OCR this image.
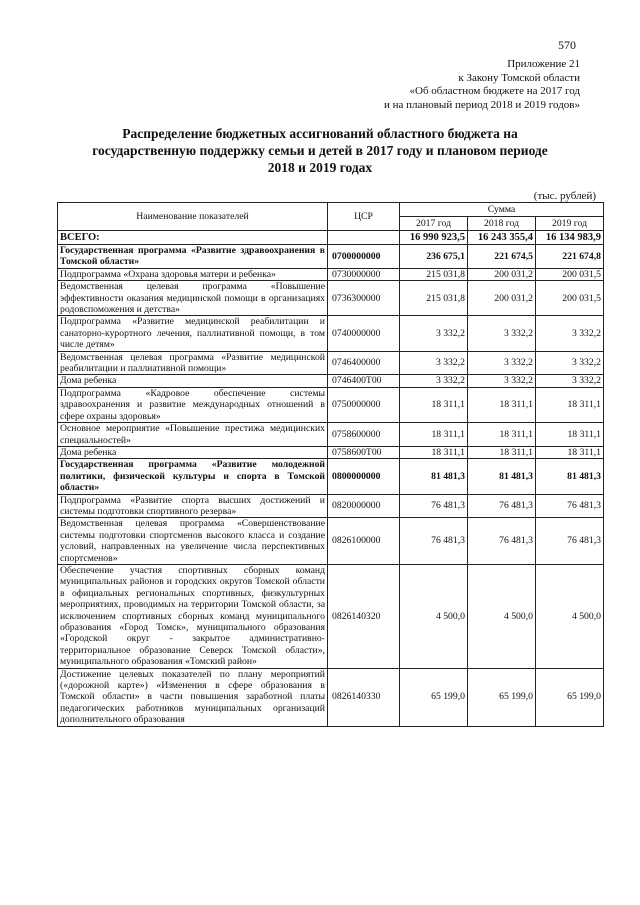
570
Приложение 21
к Закону Томской области
«Об областном бюджете на 2017 год
и на плановый период 2018 и 2019 годов»
Распределение бюджетных ассигнований областного бюджета на
государственную поддержку семьи и детей в 2017 году и плановом периоде
2018 и 2019 годах
(тыс. рублей)
Наименование показателей	ЦСР	Сумма		
		2017 год	2018 год	2019 год
ВСЕГО:		16 990 923,5	16 243 355,4	16 134 983,9
Государственная программа «Развитие здравоохранения в Томской области»	0700000000	236 675,1	221 674,5	221 674,8
Подпрограмма «Охрана здоровья матери и ребенка»	0730000000	215 031,8	200 031,2	200 031,5
Ведомственная целевая программа «Повышение эффективности оказания медицинской помощи в организациях родовспоможения и детства»	0736300000	215 031,8	200 031,2	200 031,5
Подпрограмма «Развитие медицинской реабилитации и санаторно-курортного лечения, паллиативной помощи, в том числе детям»	0740000000	3 332,2	3 332,2	3 332,2
Ведомственная целевая программа «Развитие медицинской реабилитации и паллиативной помощи»	0746400000	3 332,2	3 332,2	3 332,2
Дома ребенка	0746400Т00	3 332,2	3 332,2	3 332,2
Подпрограмма «Кадровое обеспечение системы здравоохранения и развитие международных отношений в сфере охраны здоровья»	0750000000	18 311,1	18 311,1	18 311,1
Основное мероприятие «Повышение престижа медицинских специальностей»	0758600000	18 311,1	18 311,1	18 311,1
Дома ребенка	0758600Т00	18 311,1	18 311,1	18 311,1
Государственная программа «Развитие молодежной политики, физической культуры и спорта в Томской области»	0800000000	81 481,3	81 481,3	81 481,3
Подпрограмма «Развитие спорта высших достижений и системы подготовки спортивного резерва»	0820000000	76 481,3	76 481,3	76 481,3
Ведомственная целевая программа «Совершенствование системы подготовки спортсменов высокого класса и создание условий, направленных на увеличение числа перспективных спортсменов»	0826100000	76 481,3	76 481,3	76 481,3
Обеспечение участия спортивных сборных команд муниципальных районов и городских округов Томской области в официальных региональных спортивных, физкультурных мероприятиях, проводимых на территории Томской области, за исключением спортивных сборных команд муниципального образования «Город Томск», муниципального образования «Городской округ - закрытое административно-территориальное образование Северск Томской области», муниципального образования «Томский район»	0826140320	4 500,0	4 500,0	4 500,0
Достижение целевых показателей по плану мероприятий («дорожной карте») «Изменения в сфере образования в Томской области» в части повышения заработной платы педагогических работников муниципальных организаций дополнительного образования	0826140330	65 199,0	65 199,0	65 199,0
